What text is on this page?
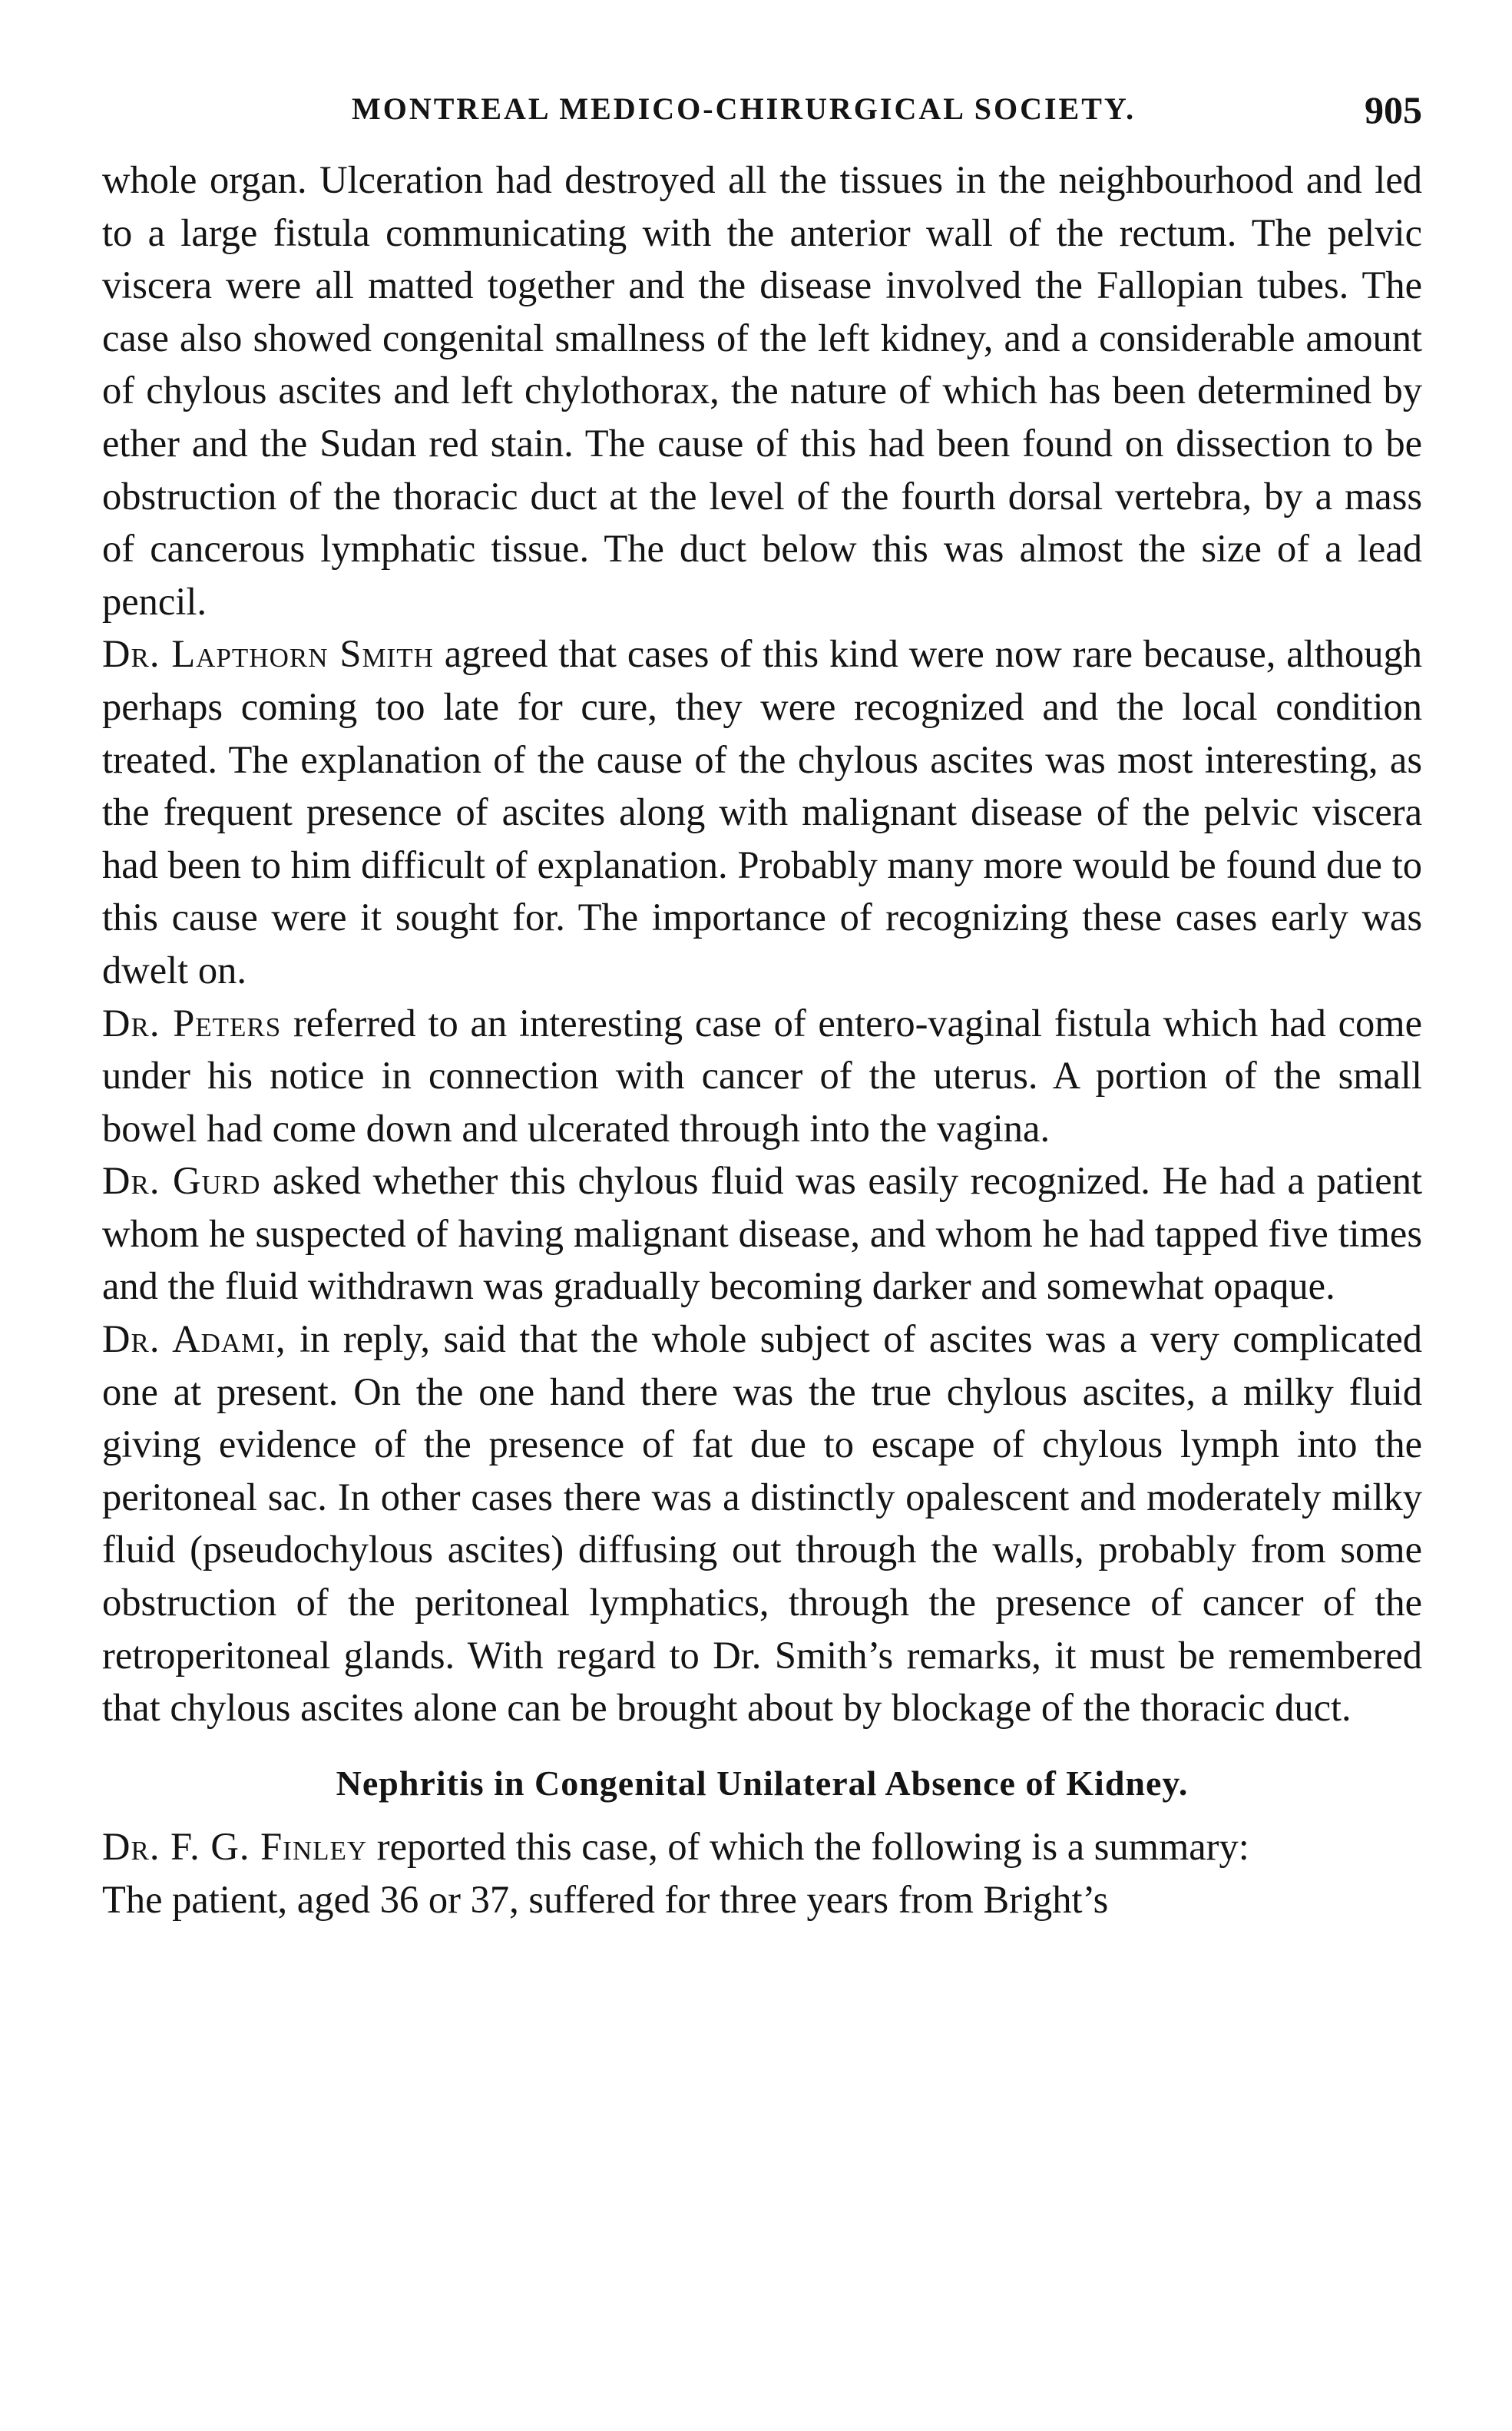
MONTREAL MEDICO-CHIRURGICAL SOCIETY.	905

whole organ. Ulceration had destroyed all the tissues in the neighbourhood and led to a large fistula communicating with the anterior wall of the rectum. The pelvic viscera were all matted together and the disease involved the Fallopian tubes. The case also showed congenital smallness of the left kidney, and a considerable amount of chylous ascites and left chylothorax, the nature of which has been determined by ether and the Sudan red stain. The cause of this had been found on dissection to be obstruction of the thoracic duct at the level of the fourth dorsal vertebra, by a mass of cancerous lymphatic tissue. The duct below this was almost the size of a lead pencil.

Dr. Lapthorn Smith agreed that cases of this kind were now rare because, although perhaps coming too late for cure, they were recognized and the local condition treated. The explanation of the cause of the chylous ascites was most interesting, as the frequent presence of ascites along with malignant disease of the pelvic viscera had been to him difficult of explanation. Probably many more would be found due to this cause were it sought for. The importance of recognizing these cases early was dwelt on.

Dr. Peters referred to an interesting case of entero-vaginal fistula which had come under his notice in connection with cancer of the uterus. A portion of the small bowel had come down and ulcerated through into the vagina.

Dr. Gurd asked whether this chylous fluid was easily recognized. He had a patient whom he suspected of having malignant disease, and whom he had tapped five times and the fluid withdrawn was gradually becoming darker and somewhat opaque.

Dr. Adami, in reply, said that the whole subject of ascites was a very complicated one at present. On the one hand there was the true chylous ascites, a milky fluid giving evidence of the presence of fat due to escape of chylous lymph into the peritoneal sac. In other cases there was a distinctly opalescent and moderately milky fluid (pseudochylous ascites) diffusing out through the walls, probably from some obstruction of the peritoneal lymphatics, through the presence of cancer of the retroperitoneal glands. With regard to Dr. Smith’s remarks, it must be remembered that chylous ascites alone can be brought about by blockage of the thoracic duct.

Nephritis in Congenital Unilateral Absence of Kidney.

Dr. F. G. Finley reported this case, of which the following is a summary:

The patient, aged 36 or 37, suffered for three years from Bright’s
